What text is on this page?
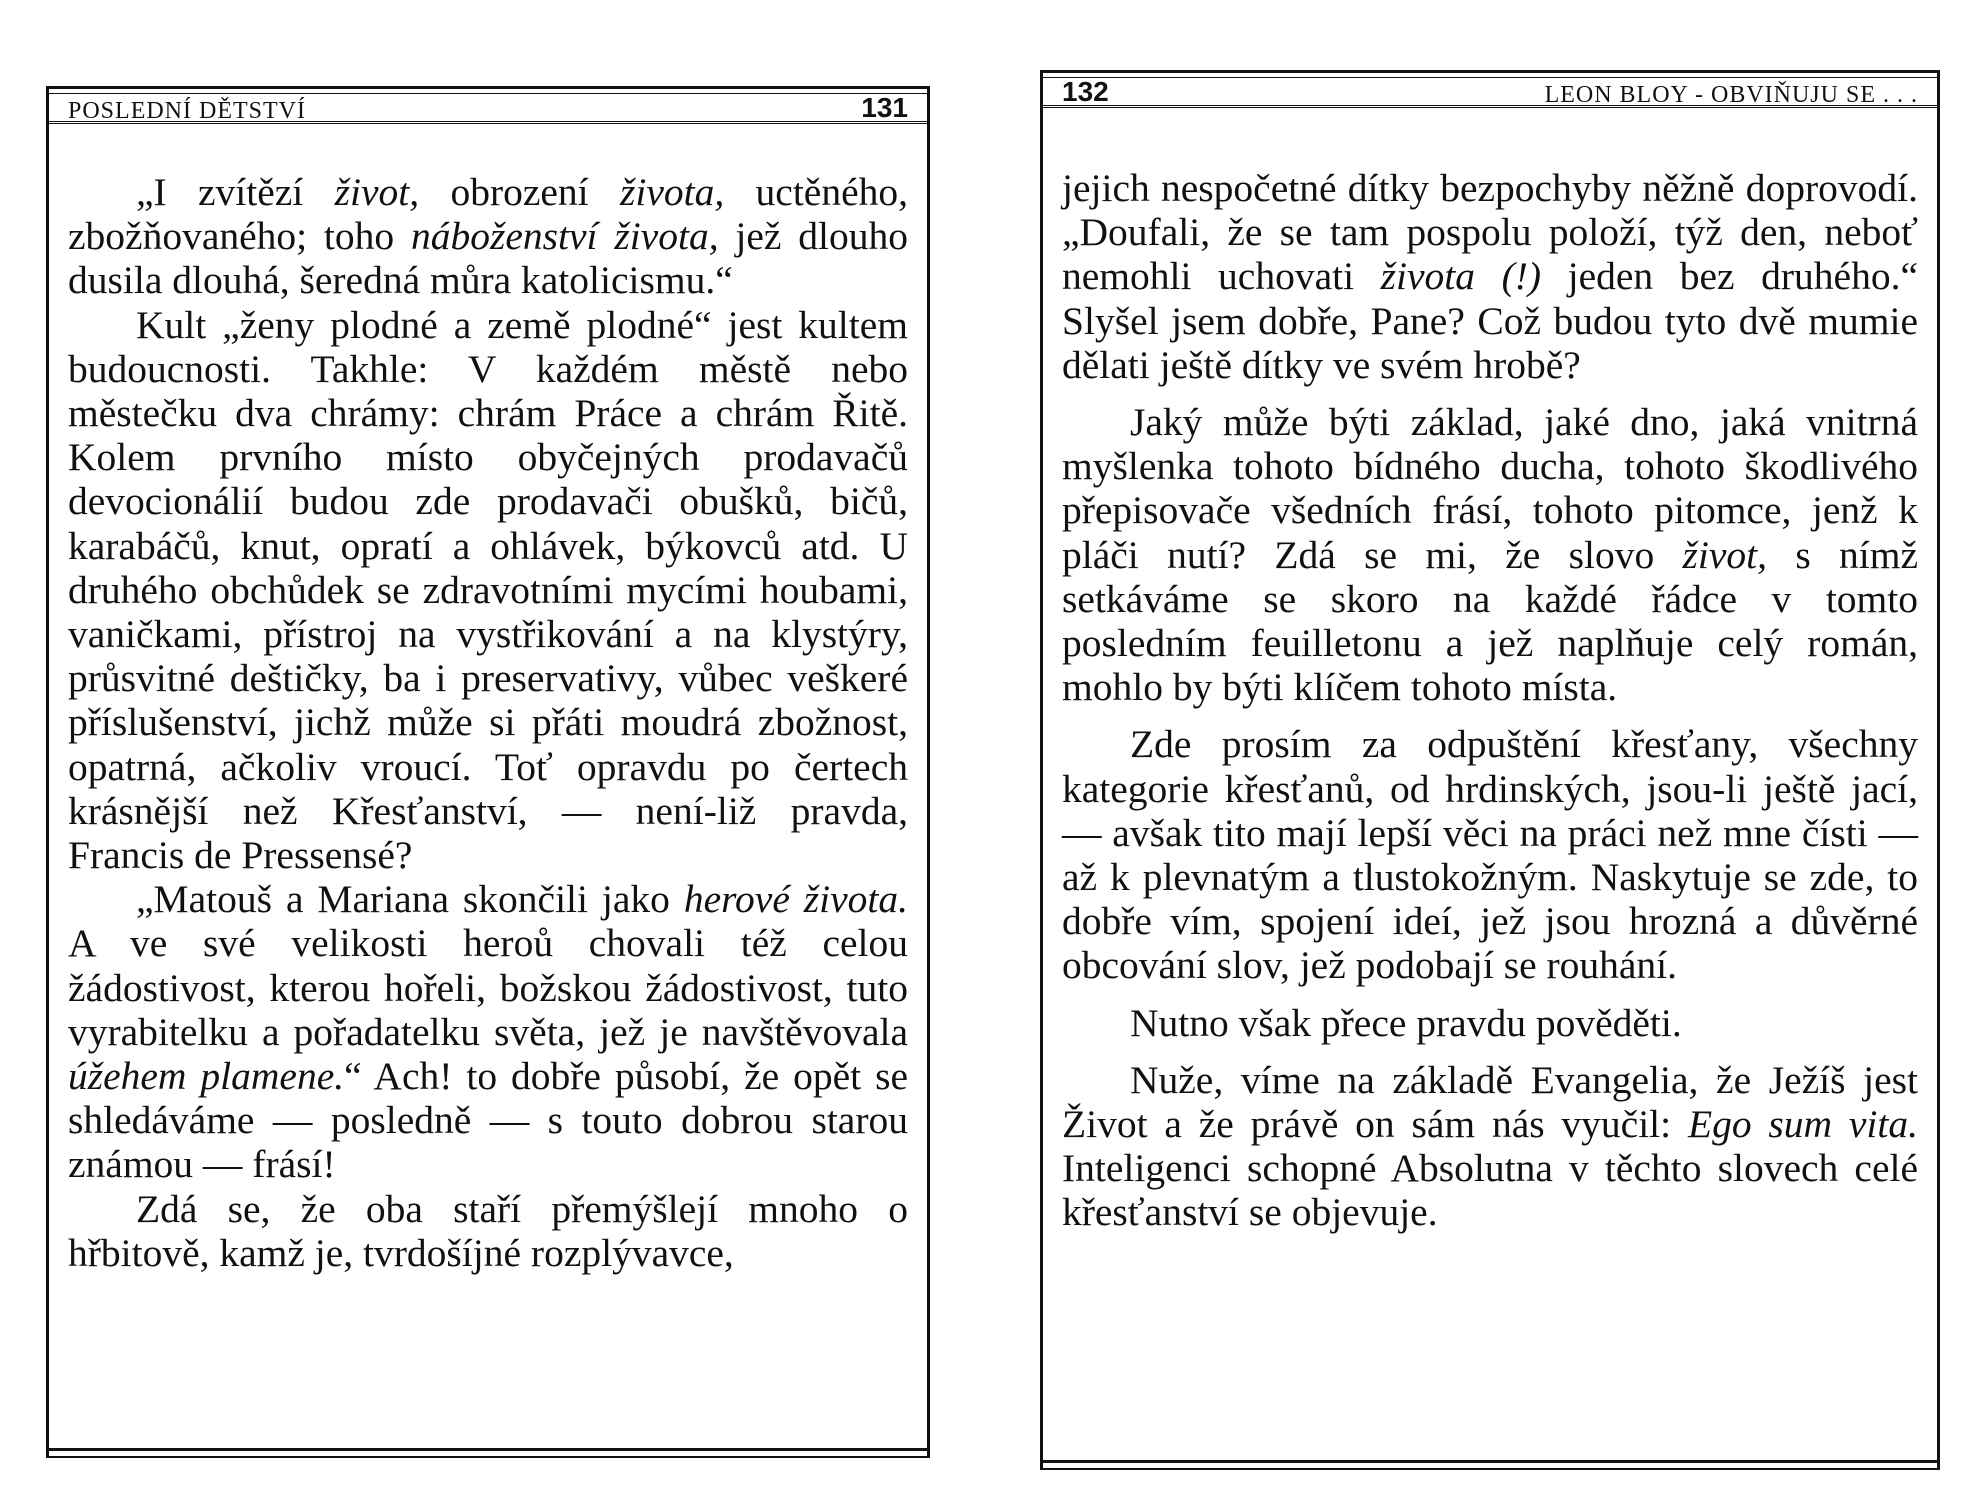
POSLEDNÍ DĚTSTVÍ	131

„I zvítězí život, obrození života, uctěného, zbožňovaného; toho náboženství života, jež dlouho dusila dlouhá, šeredná můra katolicismu.“

Kult „ženy plodné a země plodné“ jest kultem budoucnosti. Takhle: V každém městě nebo městečku dva chrámy: chrám Práce a chrám Řitě. Kolem prvního místo obyčejných prodavačů devocionálií budou zde prodavači obušků, bičů, karabáčů, knut, opratí a ohlávek, býkovců atd. U druhého obchůdek se zdravotními mycími houbami, vaničkami, přístroj na vystřikování a na klystýry, průsvitné deštičky, ba i preservativy, vůbec veškeré příslušenství, jichž může si přáti moudrá zbožnost, opatrná, ačkoliv vroucí. Toť opravdu po čertech krásnější než Křesťanství, — není-liž pravda, Francis de Pressensé?

„Matouš a Mariana skončili jako herové života. A ve své velikosti heroů chovali též celou žádostivost, kterou hořeli, božskou žádostivost, tuto vyrabitelku a pořadatelku světa, jež je navštěvovala úžehem plamene.“ Ach! to dobře působí, že opět se shledáváme — posledně — s touto dobrou starou známou — frásí!

Zdá se, že oba staří přemýšlejí mnoho o hřbitově, kamž je, tvrdošíjné rozplývavce,

132	LEON BLOY - OBVIŇUJU SE . . .

jejich nespočetné dítky bezpochyby něžně doprovodí. „Doufali, že se tam pospolu položí, týž den, neboť nemohli uchovati života (!) jeden bez druhého.“ Slyšel jsem dobře, Pane? Což budou tyto dvě mumie dělati ještě dítky ve svém hrobě?

Jaký může býti základ, jaké dno, jaká vnitrná myšlenka tohoto bídného ducha, tohoto škodlivého přepisovače všedních frásí, tohoto pitomce, jenž k pláči nutí? Zdá se mi, že slovo život, s nímž setkáváme se skoro na každé řádce v tomto posledním feuilletonu a jež naplňuje celý román, mohlo by býti klíčem tohoto místa.

Zde prosím za odpuštění křesťany, všechny kategorie křesťanů, od hrdinských, jsou-li ještě jací, — avšak tito mají lepší věci na práci než mne čísti — až k plevnatým a tlustokožným. Naskytuje se zde, to dobře vím, spojení ideí, jež jsou hrozná a důvěrné obcování slov, jež podobají se rouhání.

Nutno však přece pravdu pověděti.

Nuže, víme na základě Evangelia, že Ježíš jest Život a že právě on sám nás vyučil: Ego sum vita. Inteligenci schopné Absolutna v těchto slovech celé křesťanství se objevuje.
